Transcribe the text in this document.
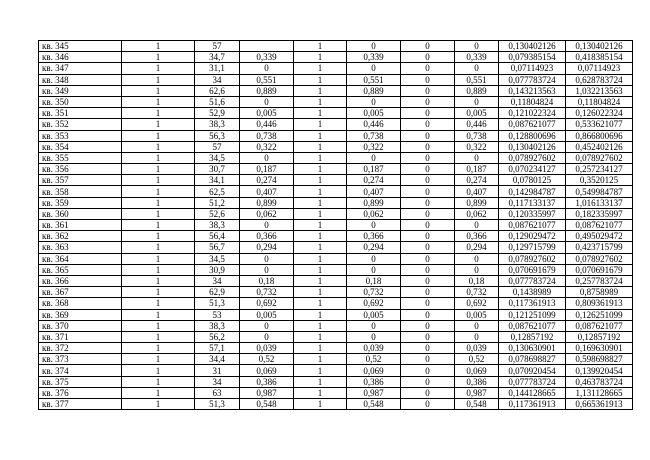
кв. 345	1	57		1	0	0	0	0,130402126	0,130402126
кв. 346	1	34,7	0,339	1	0,339	0	0,339	0,079385154	0,418385154
кв. 347	1	31,1	0	1	0	0	0	0,07114923	0,07114923
кв. 348	1	34	0,551	1	0,551	0	0,551	0,077783724	0,628783724
кв. 349	1	62,6	0,889	1	0,889	0	0,889	0,143213563	1,032213563
кв. 350	1	51,6	0	1	0	0	0	0,11804824	0,11804824
кв. 351	1	52,9	0,005	1	0,005	0	0,005	0,121022324	0,126022324
кв. 352	1	38,3	0,446	1	0,446	0	0,446	0,087621077	0,533621077
кв. 353	1	56,3	0,738	1	0,738	0	0,738	0,128800696	0,866800696
кв. 354	1	57	0,322	1	0,322	0	0,322	0,130402126	0,452402126
кв. 355	1	34,5	0	1	0	0	0	0,078927602	0,078927602
кв. 356	1	30,7	0,187	1	0,187	0	0,187	0,070234127	0,257234127
кв. 357	1	34,1	0,274	1	0,274	0	0,274	0,0780125	0,3520125
кв. 358	1	62,5	0,407	1	0,407	0	0,407	0,142984787	0,549984787
кв. 359	1	51,2	0,899	1	0,899	0	0,899	0,117133137	1,016133137
кв. 360	1	52,6	0,062	1	0,062	0	0,062	0,120335997	0,182335997
кв. 361	1	38,3	0	1	0	0	0	0,087621077	0,087621077
кв. 362	1	56,4	0,366	1	0,366	0	0,366	0,129029472	0,495029472
кв. 363	1	56,7	0,294	1	0,294	0	0,294	0,129715799	0,423715799
кв. 364	1	34,5	0	1	0	0	0	0,078927602	0,078927602
кв. 365	1	30,9	0	1	0	0	0	0,070691679	0,070691679
кв. 366	1	34	0,18	1	0,18	0	0,18	0,077783724	0,257783724
кв. 367	1	62,9	0,732	1	0,732	0	0,732	0,1438989	0,8758989
кв. 368	1	51,3	0,692	1	0,692	0	0,692	0,117361913	0,809361913
кв. 369	1	53	0,005	1	0,005	0	0,005	0,121251099	0,126251099
кв. 370	1	38,3	0	1	0	0	0	0,087621077	0,087621077
кв. 371	1	56,2	0	1	0	0	0	0,12857192	0,12857192
кв. 372	1	57,1	0,039	1	0,039	0	0,039	0,130630901	0,169630901
кв. 373	1	34,4	0,52	1	0,52	0	0,52	0,078698827	0,598698827
кв. 374	1	31	0,069	1	0,069	0	0,069	0,070920454	0,139920454
кв. 375	1	34	0,386	1	0,386	0	0,386	0,077783724	0,463783724
кв. 376	1	63	0,987	1	0,987	0	0,987	0,144128665	1,131128665
кв. 377	1	51,3	0,548	1	0,548	0	0,548	0,117361913	0,665361913
